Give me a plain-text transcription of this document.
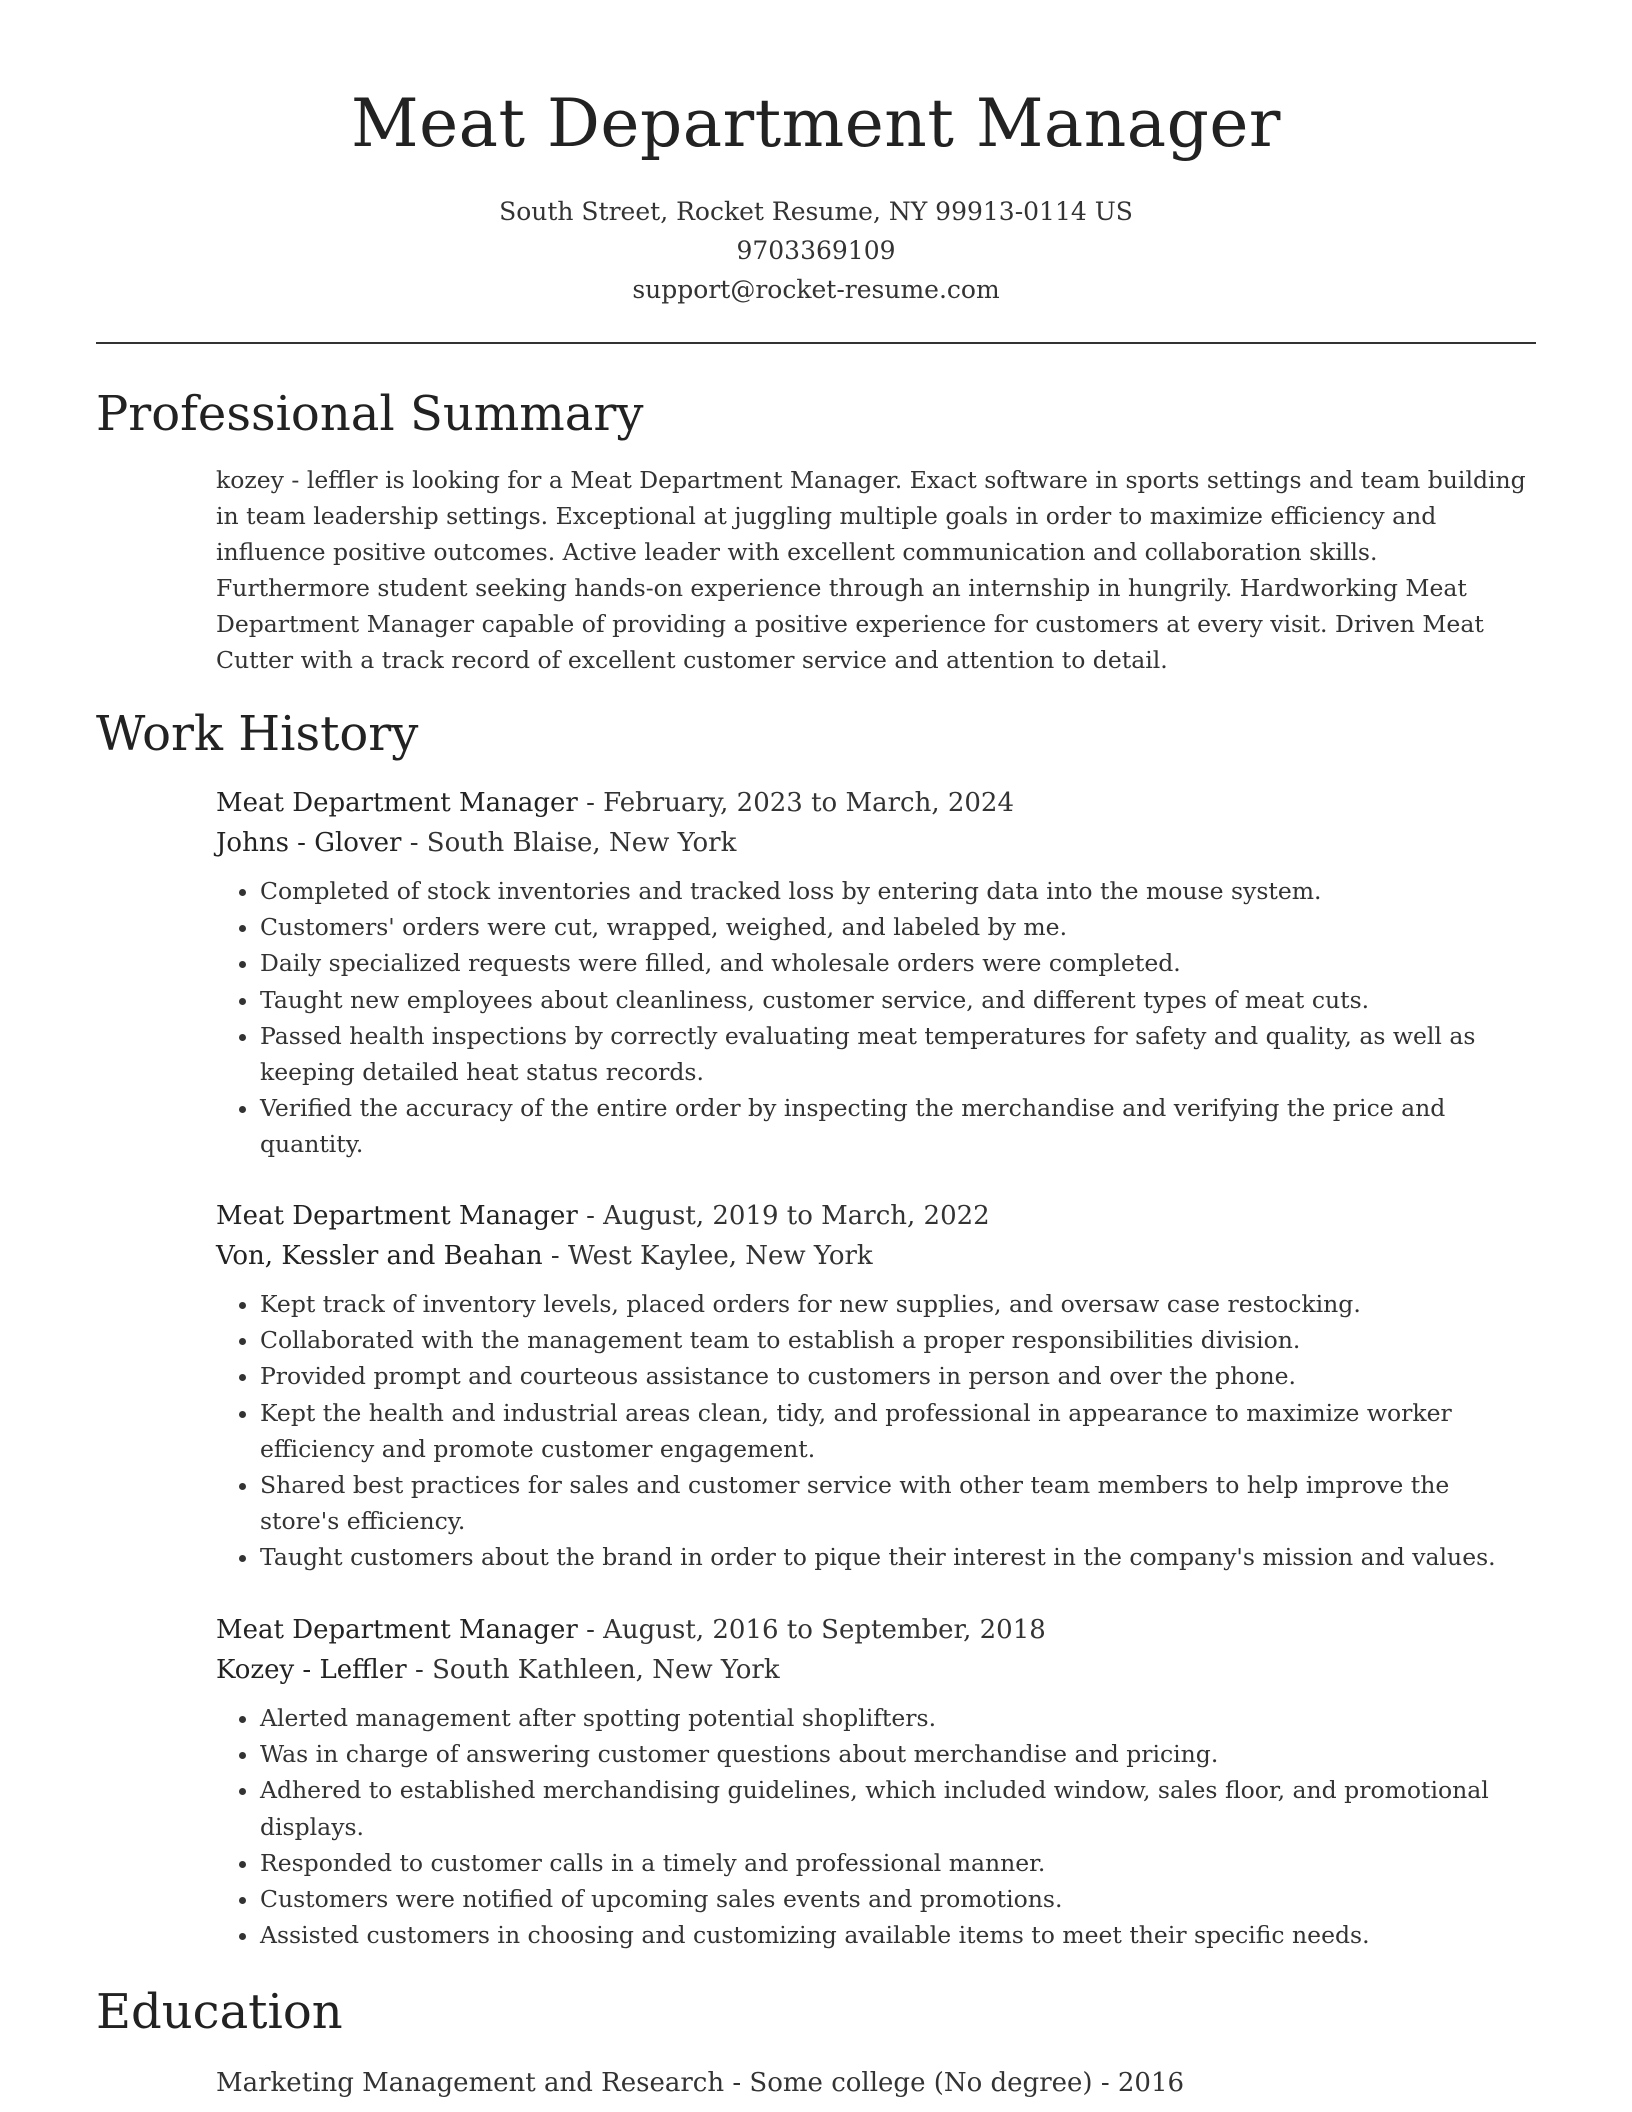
Meat Department Manager
South Street, Rocket Resume, NY 99913-0114 US
9703369109
support@rocket-resume.com
Professional Summary

kozey - leffler is looking for a Meat Department Manager. Exact software in sports settings and team building in team leadership settings. Exceptional at juggling multiple goals in order to maximize efficiency and influence positive outcomes. Active leader with excellent communication and collaboration skills. Furthermore student seeking hands-on experience through an internship in hungrily. Hardworking Meat Department Manager capable of providing a positive experience for customers at every visit. Driven Meat Cutter with a track record of excellent customer service and attention to detail.

Work History
Meat Department Manager - February, 2023 to March, 2024
Johns - Glover - South Blaise, New York
• Completed of stock inventories and tracked loss by entering data into the mouse system.
• Customers' orders were cut, wrapped, weighed, and labeled by me.
• Daily specialized requests were filled, and wholesale orders were completed.
• Taught new employees about cleanliness, customer service, and different types of meat cuts.
• Passed health inspections by correctly evaluating meat temperatures for safety and quality, as well as keeping detailed heat status records.
• Verified the accuracy of the entire order by inspecting the merchandise and verifying the price and quantity.
Meat Department Manager - August, 2019 to March, 2022
Von, Kessler and Beahan - West Kaylee, New York
• Kept track of inventory levels, placed orders for new supplies, and oversaw case restocking.
• Collaborated with the management team to establish a proper responsibilities division.
• Provided prompt and courteous assistance to customers in person and over the phone.
• Kept the health and industrial areas clean, tidy, and professional in appearance to maximize worker efficiency and promote customer engagement.
• Shared best practices for sales and customer service with other team members to help improve the store's efficiency.
• Taught customers about the brand in order to pique their interest in the company's mission and values.
Meat Department Manager - August, 2016 to September, 2018
Kozey - Leffler - South Kathleen, New York
• Alerted management after spotting potential shoplifters.
• Was in charge of answering customer questions about merchandise and pricing.
• Adhered to established merchandising guidelines, which included window, sales floor, and promotional displays.
• Responded to customer calls in a timely and professional manner.
• Customers were notified of upcoming sales events and promotions.
• Assisted customers in choosing and customizing available items to meet their specific needs.
Education
Marketing Management and Research - Some college (No degree) - 2016
